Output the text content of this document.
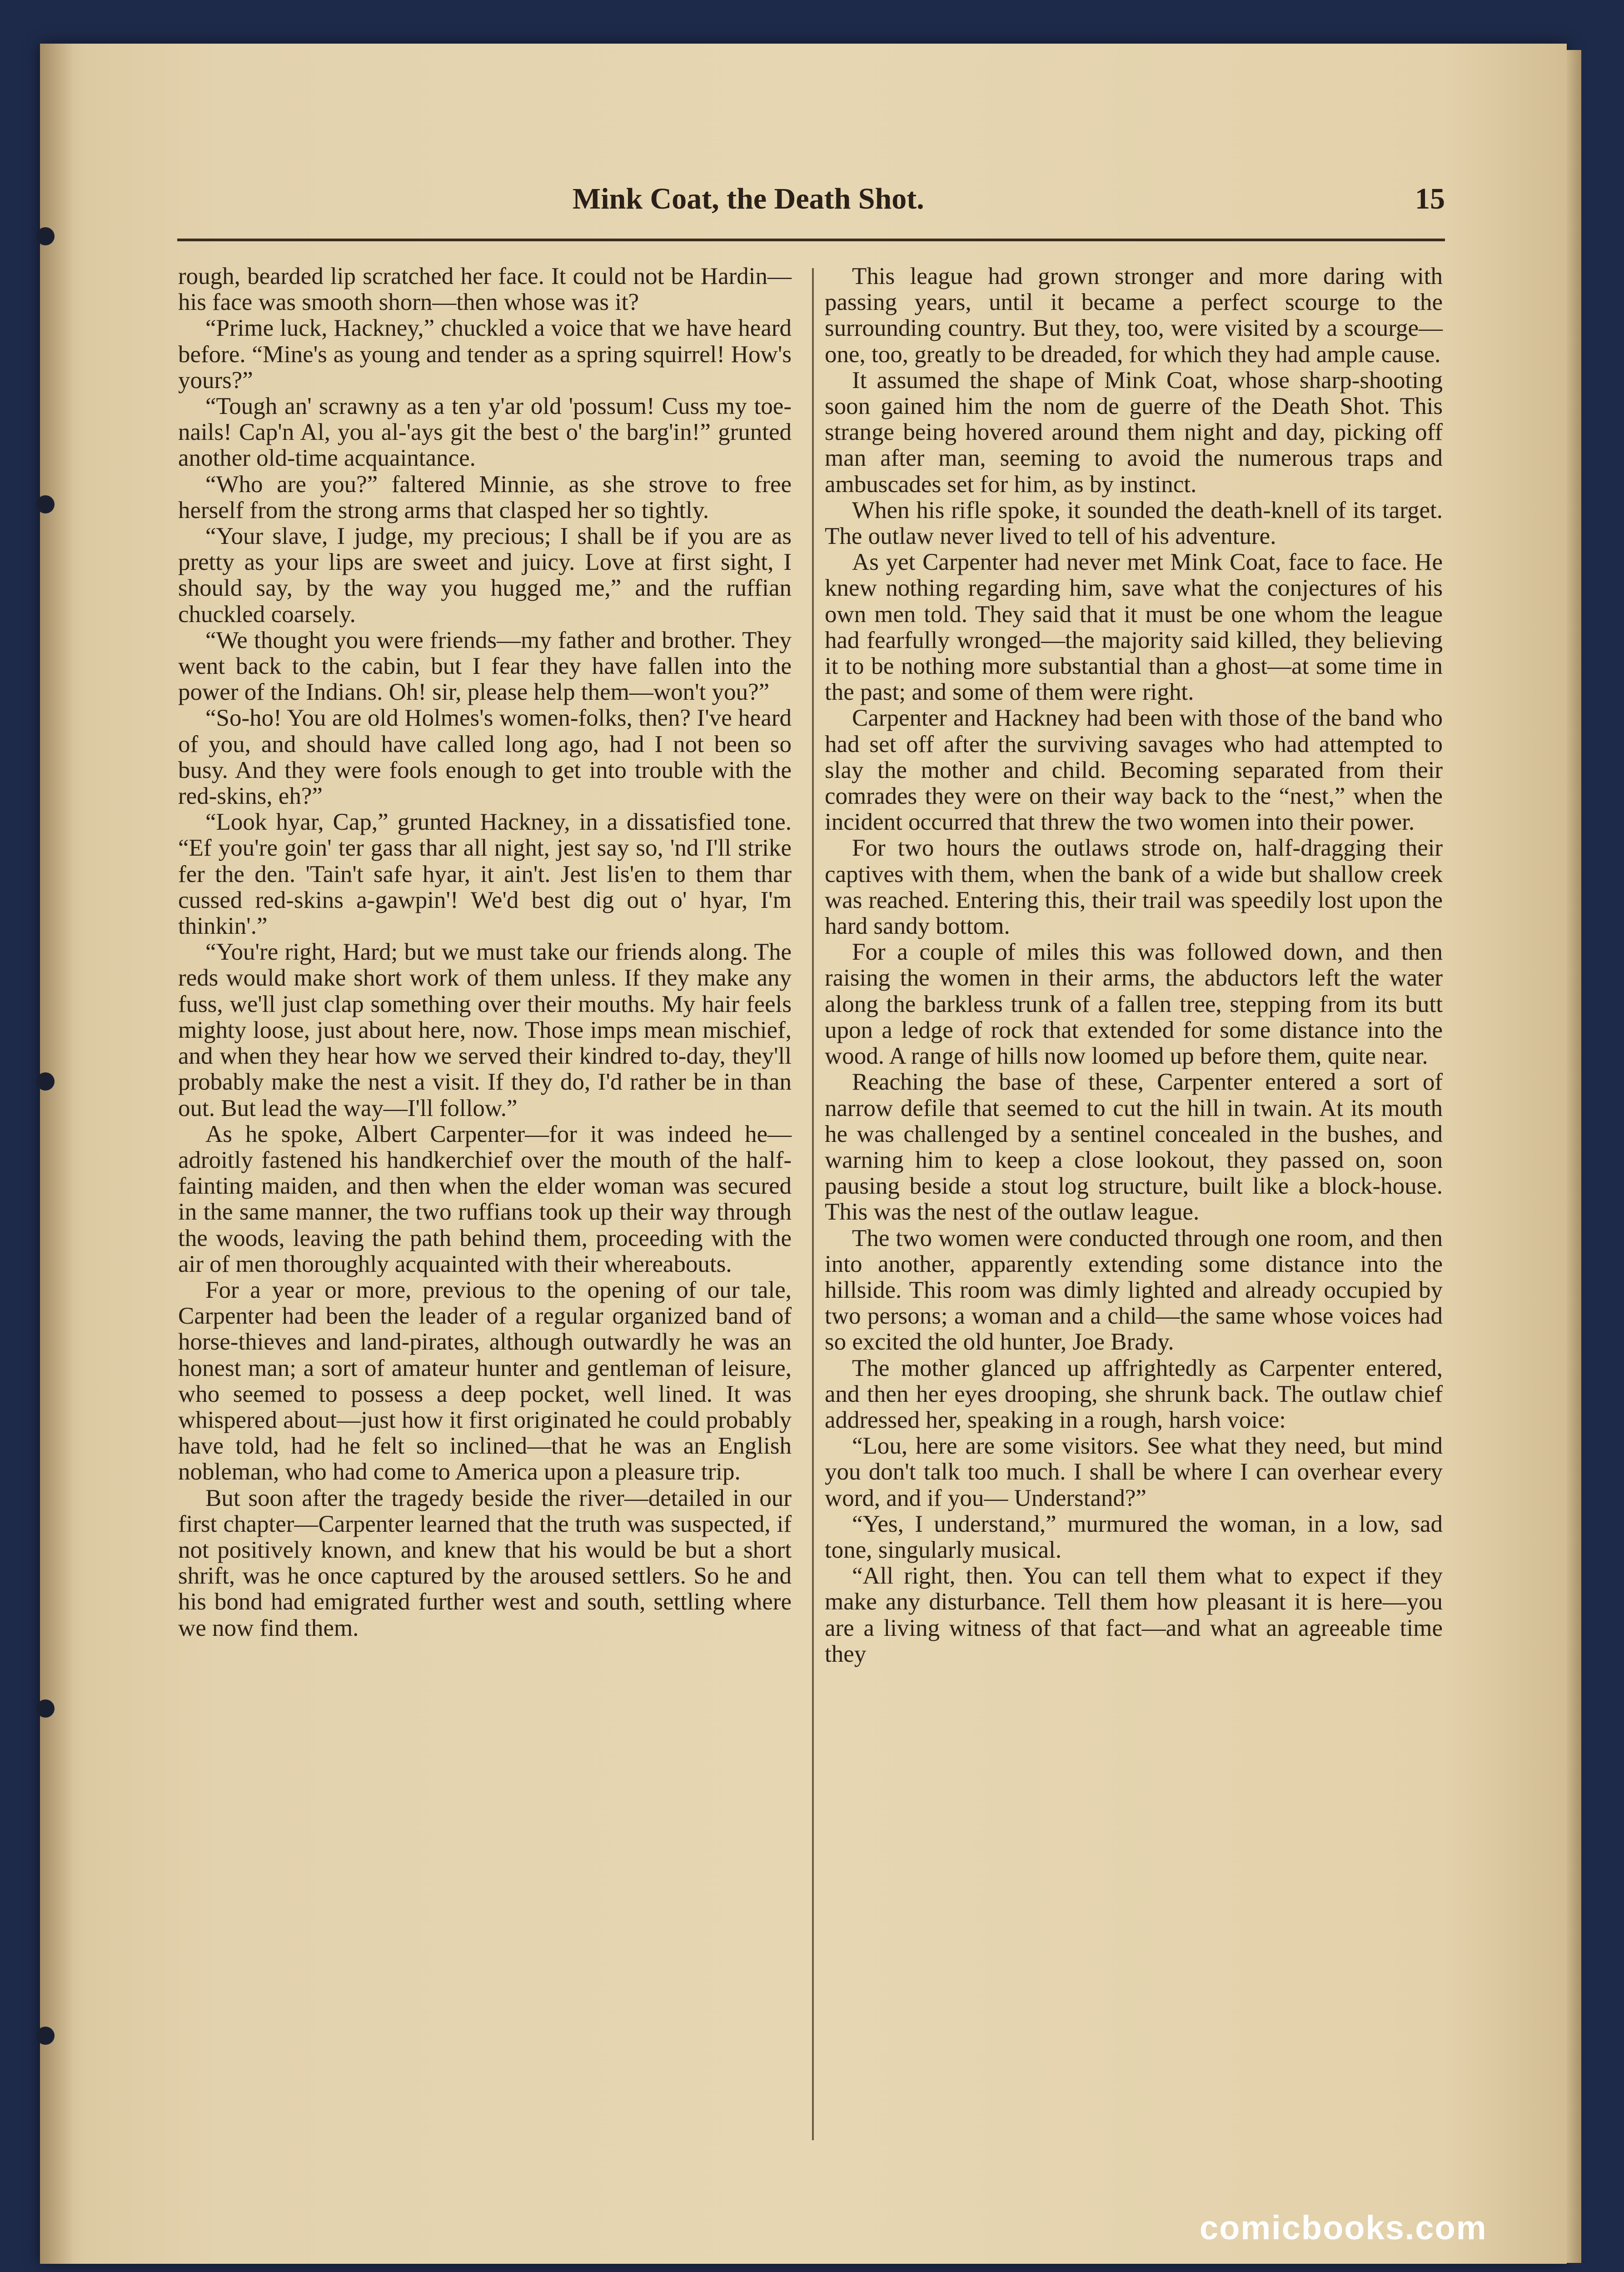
Mink Coat, the Death Shot.	15

rough, bearded lip scratched her face. It could not be Hardin—his face was smooth shorn—then whose was it?

“Prime luck, Hackney,” chuckled a voice that we have heard before. “Mine's as young and tender as a spring squirrel! How's yours?”

“Tough an' scrawny as a ten y'ar old 'possum! Cuss my toe-nails! Cap'n Al, you al-'ays git the best o' the barg'in!” grunted another old-time acquaintance.

“Who are you?” faltered Minnie, as she strove to free herself from the strong arms that clasped her so tightly.

“Your slave, I judge, my precious; I shall be if you are as pretty as your lips are sweet and juicy. Love at first sight, I should say, by the way you hugged me,” and the ruffian chuckled coarsely.

“We thought you were friends—my father and brother. They went back to the cabin, but I fear they have fallen into the power of the Indians. Oh! sir, please help them—won't you?”

“So-ho! You are old Holmes's women-folks, then? I've heard of you, and should have called long ago, had I not been so busy. And they were fools enough to get into trouble with the red-skins, eh?”

“Look hyar, Cap,” grunted Hackney, in a dissatisfied tone. “Ef you're goin' ter gass thar all night, jest say so, 'nd I'll strike fer the den. 'Tain't safe hyar, it ain't. Jest lis'en to them thar cussed red-skins a-gawpin'! We'd best dig out o' hyar, I'm thinkin'.”

“You're right, Hard; but we must take our friends along. The reds would make short work of them unless. If they make any fuss, we'll just clap something over their mouths. My hair feels mighty loose, just about here, now. Those imps mean mischief, and when they hear how we served their kindred to-day, they'll probably make the nest a visit. If they do, I'd rather be in than out. But lead the way—I'll follow.”

As he spoke, Albert Carpenter—for it was indeed he—adroitly fastened his handkerchief over the mouth of the half-fainting maiden, and then when the elder woman was secured in the same manner, the two ruffians took up their way through the woods, leaving the path behind them, proceeding with the air of men thoroughly acquainted with their whereabouts.

For a year or more, previous to the opening of our tale, Carpenter had been the leader of a regular organized band of horse-thieves and land-pirates, although outwardly he was an honest man; a sort of amateur hunter and gentleman of leisure, who seemed to possess a deep pocket, well lined. It was whispered about—just how it first originated he could probably have told, had he felt so inclined—that he was an English nobleman, who had come to America upon a pleasure trip.

But soon after the tragedy beside the river—detailed in our first chapter—Carpenter learned that the truth was suspected, if not positively known, and knew that his would be but a short shrift, was he once captured by the aroused settlers. So he and his bond had emigrated further west and south, settling where we now find them.

This league had grown stronger and more daring with passing years, until it became a perfect scourge to the surrounding country. But they, too, were visited by a scourge—one, too, greatly to be dreaded, for which they had ample cause.

It assumed the shape of Mink Coat, whose sharp-shooting soon gained him the nom de guerre of the Death Shot. This strange being hovered around them night and day, picking off man after man, seeming to avoid the numerous traps and ambuscades set for him, as by instinct.

When his rifle spoke, it sounded the death-knell of its target. The outlaw never lived to tell of his adventure.

As yet Carpenter had never met Mink Coat, face to face. He knew nothing regarding him, save what the conjectures of his own men told. They said that it must be one whom the league had fearfully wronged—the majority said killed, they believing it to be nothing more substantial than a ghost—at some time in the past; and some of them were right.

Carpenter and Hackney had been with those of the band who had set off after the surviving savages who had attempted to slay the mother and child. Becoming separated from their comrades they were on their way back to the “nest,” when the incident occurred that threw the two women into their power.

For two hours the outlaws strode on, half-dragging their captives with them, when the bank of a wide but shallow creek was reached. Entering this, their trail was speedily lost upon the hard sandy bottom.

For a couple of miles this was followed down, and then raising the women in their arms, the abductors left the water along the barkless trunk of a fallen tree, stepping from its butt upon a ledge of rock that extended for some distance into the wood. A range of hills now loomed up before them, quite near.

Reaching the base of these, Carpenter entered a sort of narrow defile that seemed to cut the hill in twain. At its mouth he was challenged by a sentinel concealed in the bushes, and warning him to keep a close lookout, they passed on, soon pausing beside a stout log structure, built like a block-house. This was the nest of the outlaw league.

The two women were conducted through one room, and then into another, apparently extending some distance into the hillside. This room was dimly lighted and already occupied by two persons; a woman and a child—the same whose voices had so excited the old hunter, Joe Brady.

The mother glanced up affrightedly as Carpenter entered, and then her eyes drooping, she shrunk back. The outlaw chief addressed her, speaking in a rough, harsh voice:

“Lou, here are some visitors. See what they need, but mind you don't talk too much. I shall be where I can overhear every word, and if you— Understand?”

“Yes, I understand,” murmured the woman, in a low, sad tone, singularly musical.

“All right, then. You can tell them what to expect if they make any disturbance. Tell them how pleasant it is here—you are a living witness of that fact—and what an agreeable time they

comicbooks.com
